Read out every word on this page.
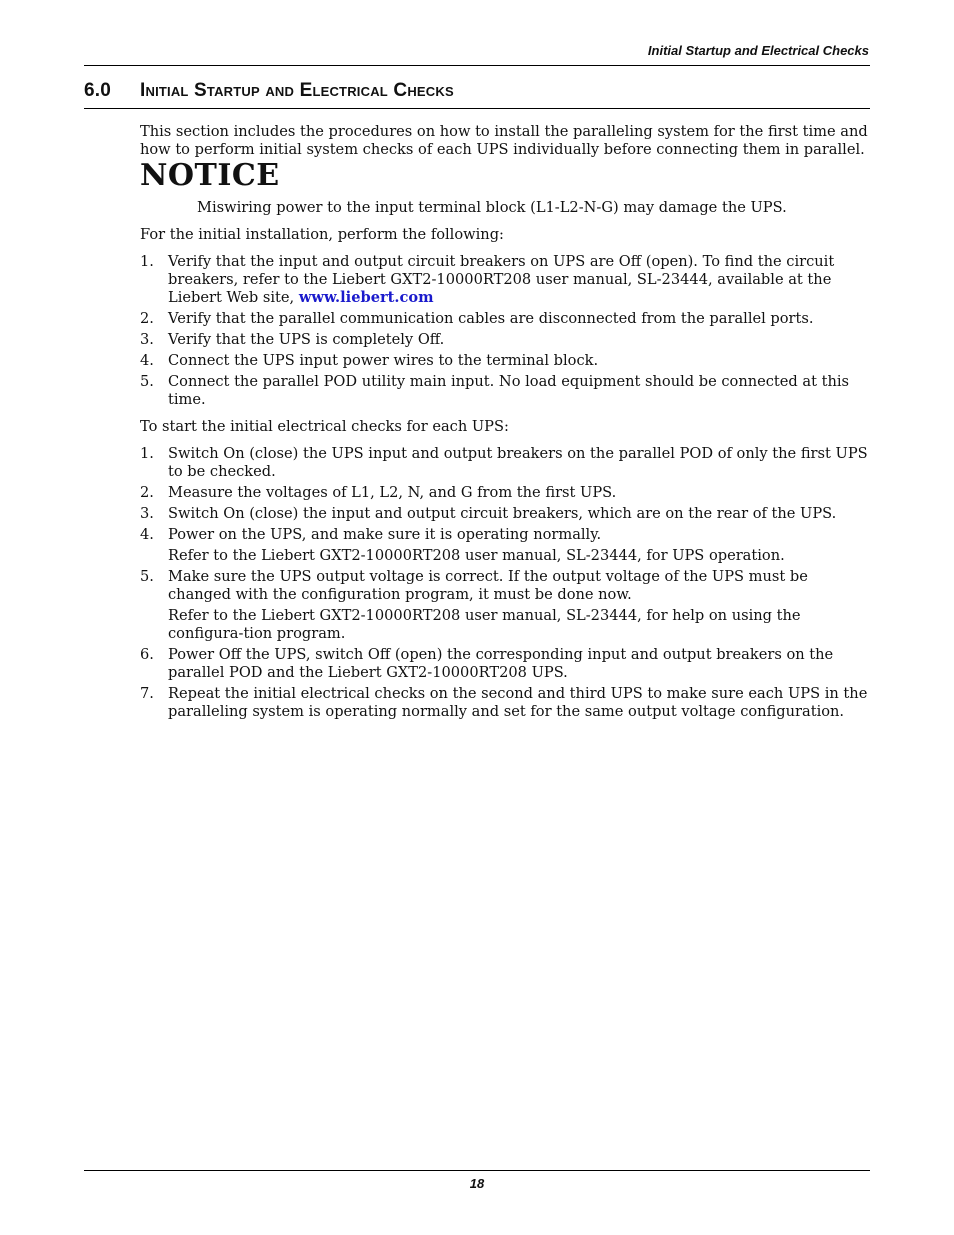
Initial Startup and Electrical Checks
6.0 Initial Startup and Electrical Checks

This section includes the procedures on how to install the paralleling system for the first time and how to perform initial system checks of each UPS individually before connecting them in parallel.

NOTICE

Miswiring power to the input terminal block (L1-L2-N-G) may damage the UPS.

For the initial installation, perform the following:

1. Verify that the input and output circuit breakers on UPS are Off (open). To find the circuit breakers, refer to the Liebert GXT2-10000RT208 user manual, SL-23444, available at the Liebert Web site, www.liebert.com
2. Verify that the parallel communication cables are disconnected from the parallel ports.
3. Verify that the UPS is completely Off.
4. Connect the UPS input power wires to the terminal block.
5. Connect the parallel POD utility main input. No load equipment should be connected at this time.

To start the initial electrical checks for each UPS:

1. Switch On (close) the UPS input and output breakers on the parallel POD of only the first UPS to be checked.
2. Measure the voltages of L1, L2, N, and G from the first UPS.
3. Switch On (close) the input and output circuit breakers, which are on the rear of the UPS.
4. Power on the UPS, and make sure it is operating normally.
Refer to the Liebert GXT2-10000RT208 user manual, SL-23444, for UPS operation.
5. Make sure the UPS output voltage is correct. If the output voltage of the UPS must be changed with the configuration program, it must be done now.
Refer to the Liebert GXT2-10000RT208 user manual, SL-23444, for help on using the configura-tion program.
6. Power Off the UPS, switch Off (open) the corresponding input and output breakers on the parallel POD and the Liebert GXT2-10000RT208 UPS.
7. Repeat the initial electrical checks on the second and third UPS to make sure each UPS in the paralleling system is operating normally and set for the same output voltage configuration.
18
